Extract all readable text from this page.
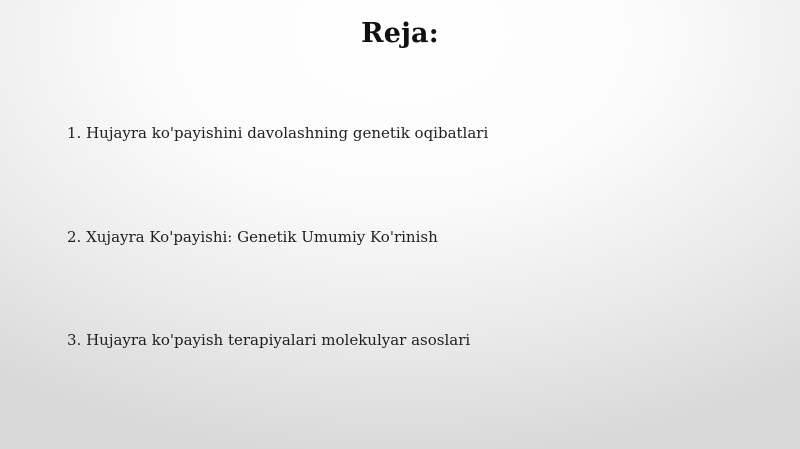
Reja:
1. Hujayra ko'payishini davolashning genetik oqibatlari
2. Xujayra Ko'payishi: Genetik Umumiy Ko'rinish
3. Hujayra ko'payish terapiyalari molekulyar asoslari
